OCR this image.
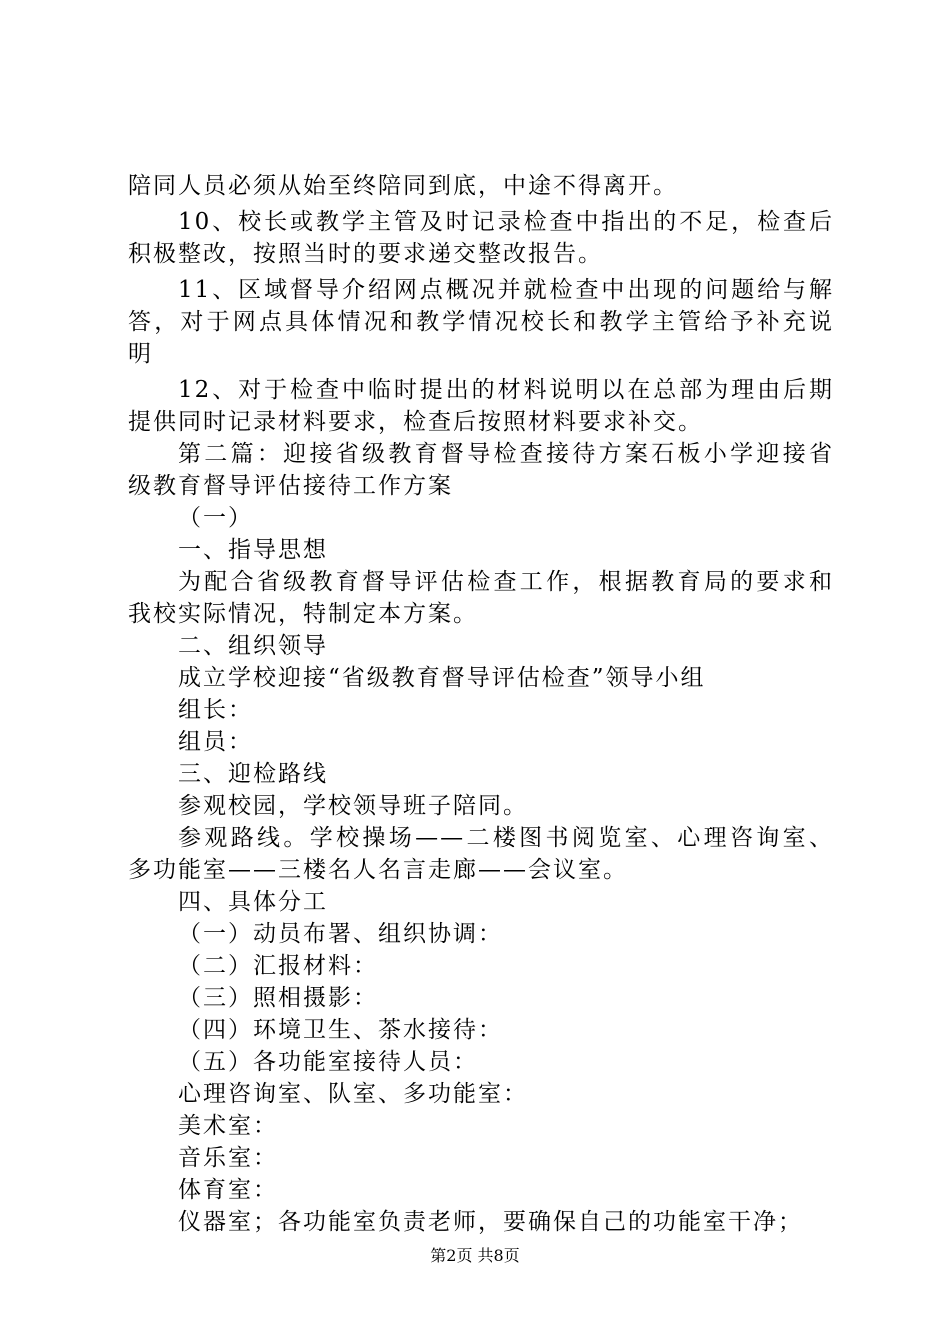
陪同人员必须从始至终陪同到底，中途不得离开。
10、校长或教学主管及时记录检查中指出的不足，检查后
积极整改，按照当时的要求递交整改报告。
11、区域督导介绍网点概况并就检查中出现的问题给与解
答，对于网点具体情况和教学情况校长和教学主管给予补充说
明
12、对于检查中临时提出的材料说明以在总部为理由后期
提供同时记录材料要求，检查后按照材料要求补交。
第二篇：迎接省级教育督导检查接待方案石板小学迎接省
级教育督导评估接待工作方案
（一）
一、指导思想
为配合省级教育督导评估检查工作，根据教育局的要求和
我校实际情况，特制定本方案。
二、组织领导
成立学校迎接“省级教育督导评估检查”领导小组
组长：
组员：
三、迎检路线
参观校园，学校领导班子陪同。
参观路线。学校操场——二楼图书阅览室、心理咨询室、
多功能室——三楼名人名言走廊——会议室。
四、具体分工
（一）动员布署、组织协调：
（二）汇报材料：
（三）照相摄影：
（四）环境卫生、茶水接待：
（五）各功能室接待人员：
心理咨询室、队室、多功能室：
美术室：
音乐室：
体育室：
仪器室；各功能室负责老师，要确保自己的功能室干净；
第2页 共8页
